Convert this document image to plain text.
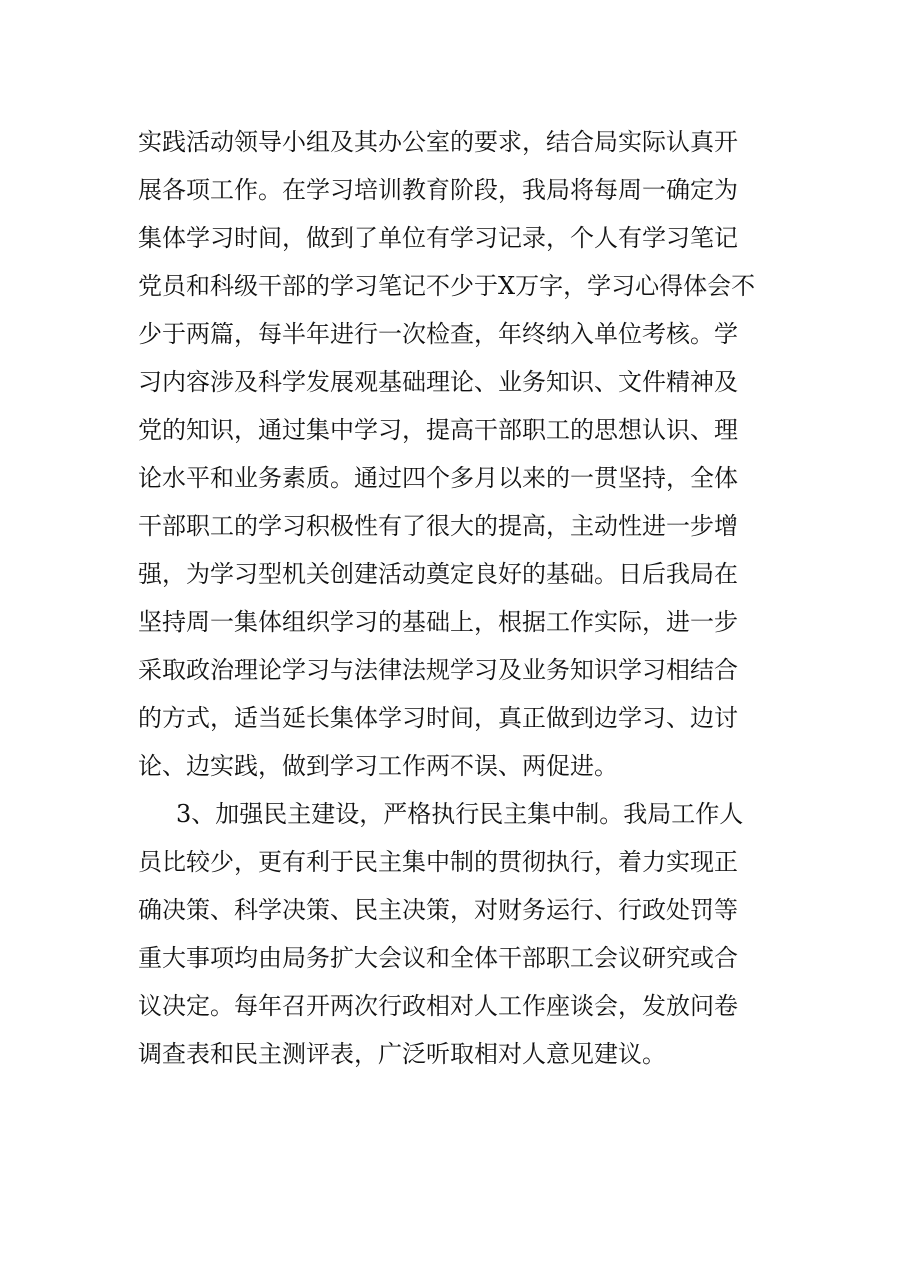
实践活动领导小组及其办公室的要求，结合局实际认真开
展各项工作。在学习培训教育阶段，我局将每周一确定为
集体学习时间，做到了单位有学习记录，个人有学习笔记
党员和科级干部的学习笔记不少于X万字，学习心得体会不
少于两篇，每半年进行一次检查，年终纳入单位考核。学
习内容涉及科学发展观基础理论、业务知识、文件精神及
党的知识，通过集中学习，提高干部职工的思想认识、理
论水平和业务素质。通过四个多月以来的一贯坚持，全体
干部职工的学习积极性有了很大的提高，主动性进一步增
强，为学习型机关创建活动奠定良好的基础。日后我局在
坚持周一集体组织学习的基础上，根据工作实际，进一步
采取政治理论学习与法律法规学习及业务知识学习相结合
的方式，适当延长集体学习时间，真正做到边学习、边讨
论、边实践，做到学习工作两不误、两促进。
3、加强民主建设，严格执行民主集中制。我局工作人
员比较少，更有利于民主集中制的贯彻执行，着力实现正
确决策、科学决策、民主决策，对财务运行、行政处罚等
重大事项均由局务扩大会议和全体干部职工会议研究或合
议决定。每年召开两次行政相对人工作座谈会，发放问卷
调查表和民主测评表，广泛听取相对人意见建议。
